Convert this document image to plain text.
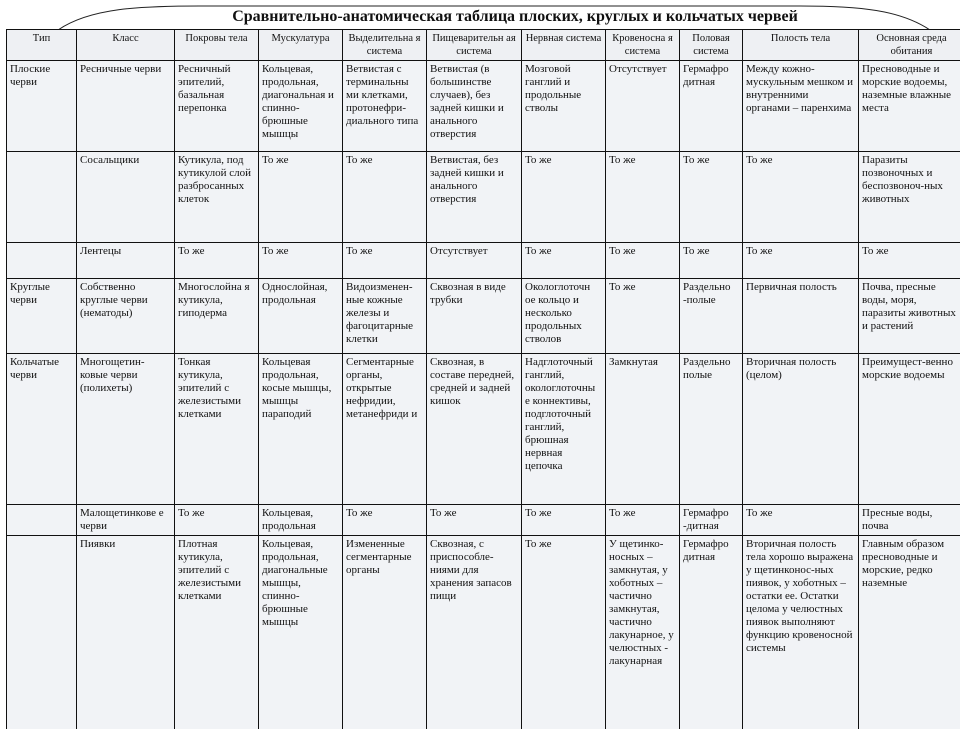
Сравнительно-анатомическая таблица плоских, круглых и кольчатых червей
Тип	Класс	Покровы тела	Мускулатура	Выделительна я система	Пищеварительн ая система	Нервная система	Кровеносна я система	Половая система	Полость тела	Основная среда обитания
Плоские черви	Ресничные черви	Ресничный эпителий, базальная перепонка	Кольцевая, продольная, диагональная и спинно-брюшные мышцы	Ветвистая с терминальны ми клетками, протонефри-диального типа	Ветвистая (в большинстве случаев), без задней кишки и анального отверстия	Мозговой ганглий и продольные стволы	Отсутствует	Гермафро дитная	Между кожно-мускульным мешком и внутренними органами – паренхима	Пресноводные и морские водоемы, наземные влажные места
	Сосальщики	Кутикула, под кутикулой слой разбросанных клеток	То же	То же	Ветвистая, без задней кишки и анального отверстия	То же	То же	То же	То же	Паразиты позвоночных и беспозвоноч-ных животных
	Лентецы	То же	То же	То же	Отсутствует	То же	То же	То же	То же	То же
Круглые черви	Собственно круглые черви (нематоды)	Многослойна я кутикула, гиподерма	Однослойная, продольная	Видоизменен-ные кожные железы и фагоцитарные клетки	Сквозная в виде трубки	Окологлоточн ое кольцо и несколько продольных стволов	То же	Раздельно -полые	Первичная полость	Почва, пресные воды, моря, паразиты животных и растений
Кольчатые черви	Многощетин-ковые черви (полихеты)	Тонкая кутикула, эпителий с железистыми клетками	Кольцевая продольная, косые мышцы, мышцы параподий	Сегментарные органы, открытые нефридии, метанефриди и	Сквозная, в составе передней, средней и задней кишок	Надглоточный ганглий, окологлоточны е коннективы, подглоточный ганглий, брюшная нервная цепочка	Замкнутая	Раздельно полые	Вторичная полость (целом)	Преимущест-венно морские водоемы
	Малощетинкове е черви	То же	Кольцевая, продольная	То же	То же	То же	То же	Гермафро -дитная	То же	Пресные воды, почва
	Пиявки	Плотная кутикула, эпителий с железистыми клетками	Кольцевая, продольная, диагональные мышцы, спинно-брюшные мышцы	Измененные сегментарные органы	Сквозная, с приспособле-ниями для хранения запасов пищи	То же	У щетинко-носных – замкнутая, у хоботных – частично замкнутая, частично лакунарное, у челюстных - лакунарная	Гермафро дитная	Вторичная полость тела хорошо выражена у щетинконос-ных пиявок, у хоботных – остатки ее. Остатки целома у челюстных пиявок выполняют функцию кровеносной системы	Главным образом пресноводные и морские, редко наземные
